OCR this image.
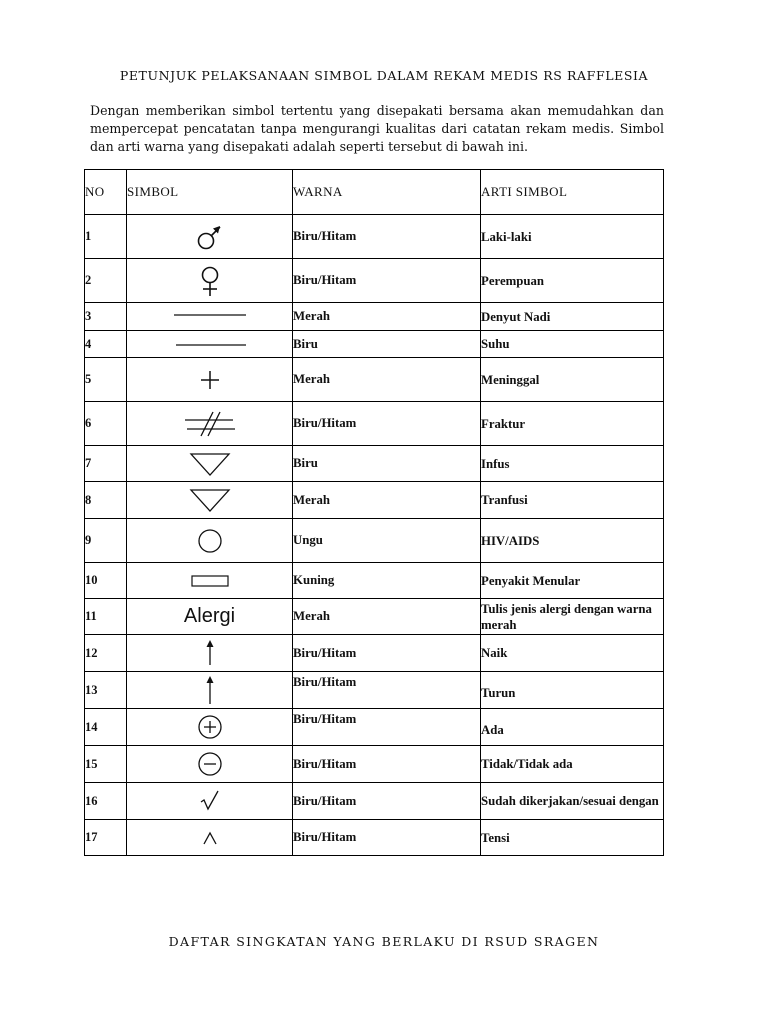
PETUNJUK PELAKSANAAN SIMBOL DALAM REKAM MEDIS RS RAFFLESIA

Dengan memberikan simbol tertentu yang disepakati bersama akan memudahkan dan mempercepat pencatatan tanpa mengurangi kualitas dari catatan rekam medis. Simbol dan arti warna yang disepakati adalah seperti tersebut di bawah ini.

NO	SIMBOL	WARNA	ARTI SIMBOL
1		Biru/Hitam	Laki-laki
2		Biru/Hitam	Perempuan
3		Merah	Denyut Nadi
4		Biru	Suhu
5		Merah	Meninggal
6		Biru/Hitam	Fraktur
7		Biru	Infus
8		Merah	Tranfusi
9		Ungu	HIV/AIDS
10		Kuning	Penyakit Menular
11	Alergi	Merah	Tulis jenis alergi dengan warna merah
12		Biru/Hitam	Naik
13		Biru/Hitam	Turun
14		Biru/Hitam	Ada
15		Biru/Hitam	Tidak/Tidak ada
16		Biru/Hitam	Sudah dikerjakan/sesuai dengan
17		Biru/Hitam	Tensi

DAFTAR SINGKATAN YANG BERLAKU DI RSUD SRAGEN
